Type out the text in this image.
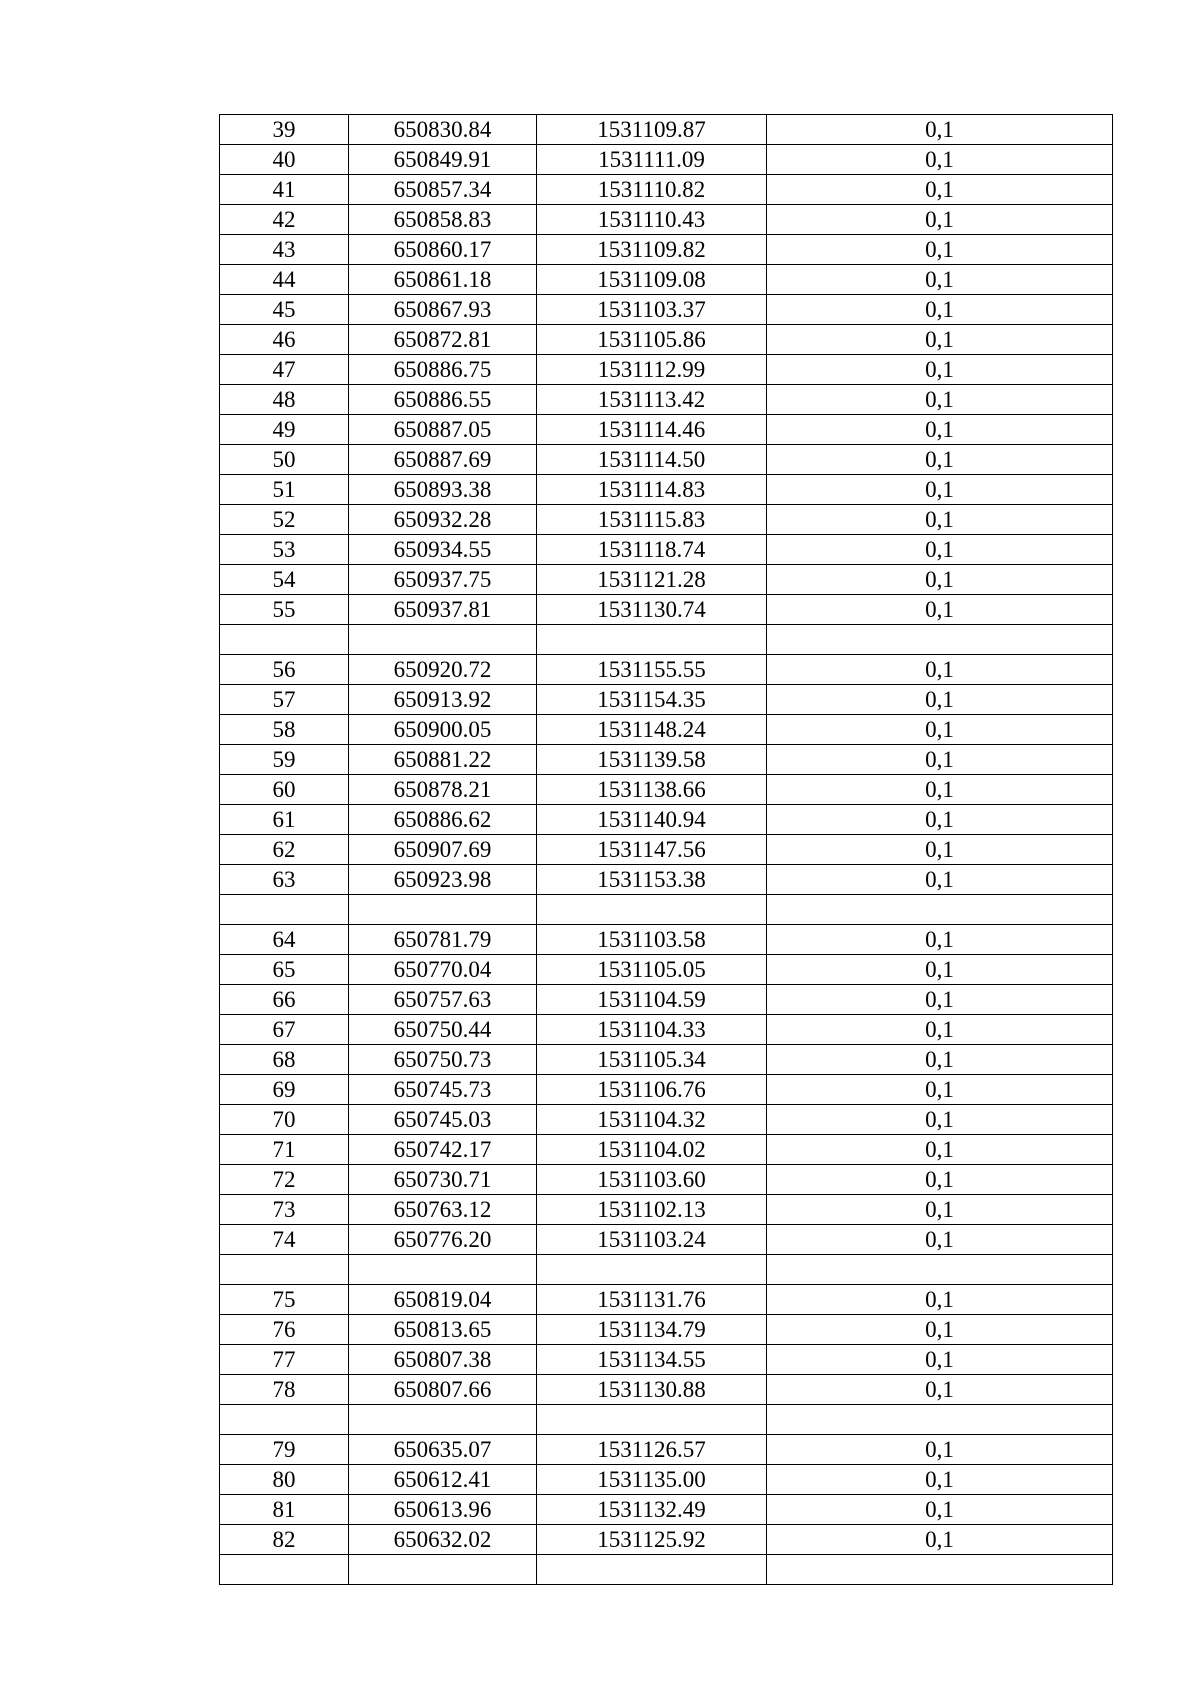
39	650830.84	1531109.87	0,1
40	650849.91	1531111.09	0,1
41	650857.34	1531110.82	0,1
42	650858.83	1531110.43	0,1
43	650860.17	1531109.82	0,1
44	650861.18	1531109.08	0,1
45	650867.93	1531103.37	0,1
46	650872.81	1531105.86	0,1
47	650886.75	1531112.99	0,1
48	650886.55	1531113.42	0,1
49	650887.05	1531114.46	0,1
50	650887.69	1531114.50	0,1
51	650893.38	1531114.83	0,1
52	650932.28	1531115.83	0,1
53	650934.55	1531118.74	0,1
54	650937.75	1531121.28	0,1
55	650937.81	1531130.74	0,1

56	650920.72	1531155.55	0,1
57	650913.92	1531154.35	0,1
58	650900.05	1531148.24	0,1
59	650881.22	1531139.58	0,1
60	650878.21	1531138.66	0,1
61	650886.62	1531140.94	0,1
62	650907.69	1531147.56	0,1
63	650923.98	1531153.38	0,1

64	650781.79	1531103.58	0,1
65	650770.04	1531105.05	0,1
66	650757.63	1531104.59	0,1
67	650750.44	1531104.33	0,1
68	650750.73	1531105.34	0,1
69	650745.73	1531106.76	0,1
70	650745.03	1531104.32	0,1
71	650742.17	1531104.02	0,1
72	650730.71	1531103.60	0,1
73	650763.12	1531102.13	0,1
74	650776.20	1531103.24	0,1

75	650819.04	1531131.76	0,1
76	650813.65	1531134.79	0,1
77	650807.38	1531134.55	0,1
78	650807.66	1531130.88	0,1

79	650635.07	1531126.57	0,1
80	650612.41	1531135.00	0,1
81	650613.96	1531132.49	0,1
82	650632.02	1531125.92	0,1
